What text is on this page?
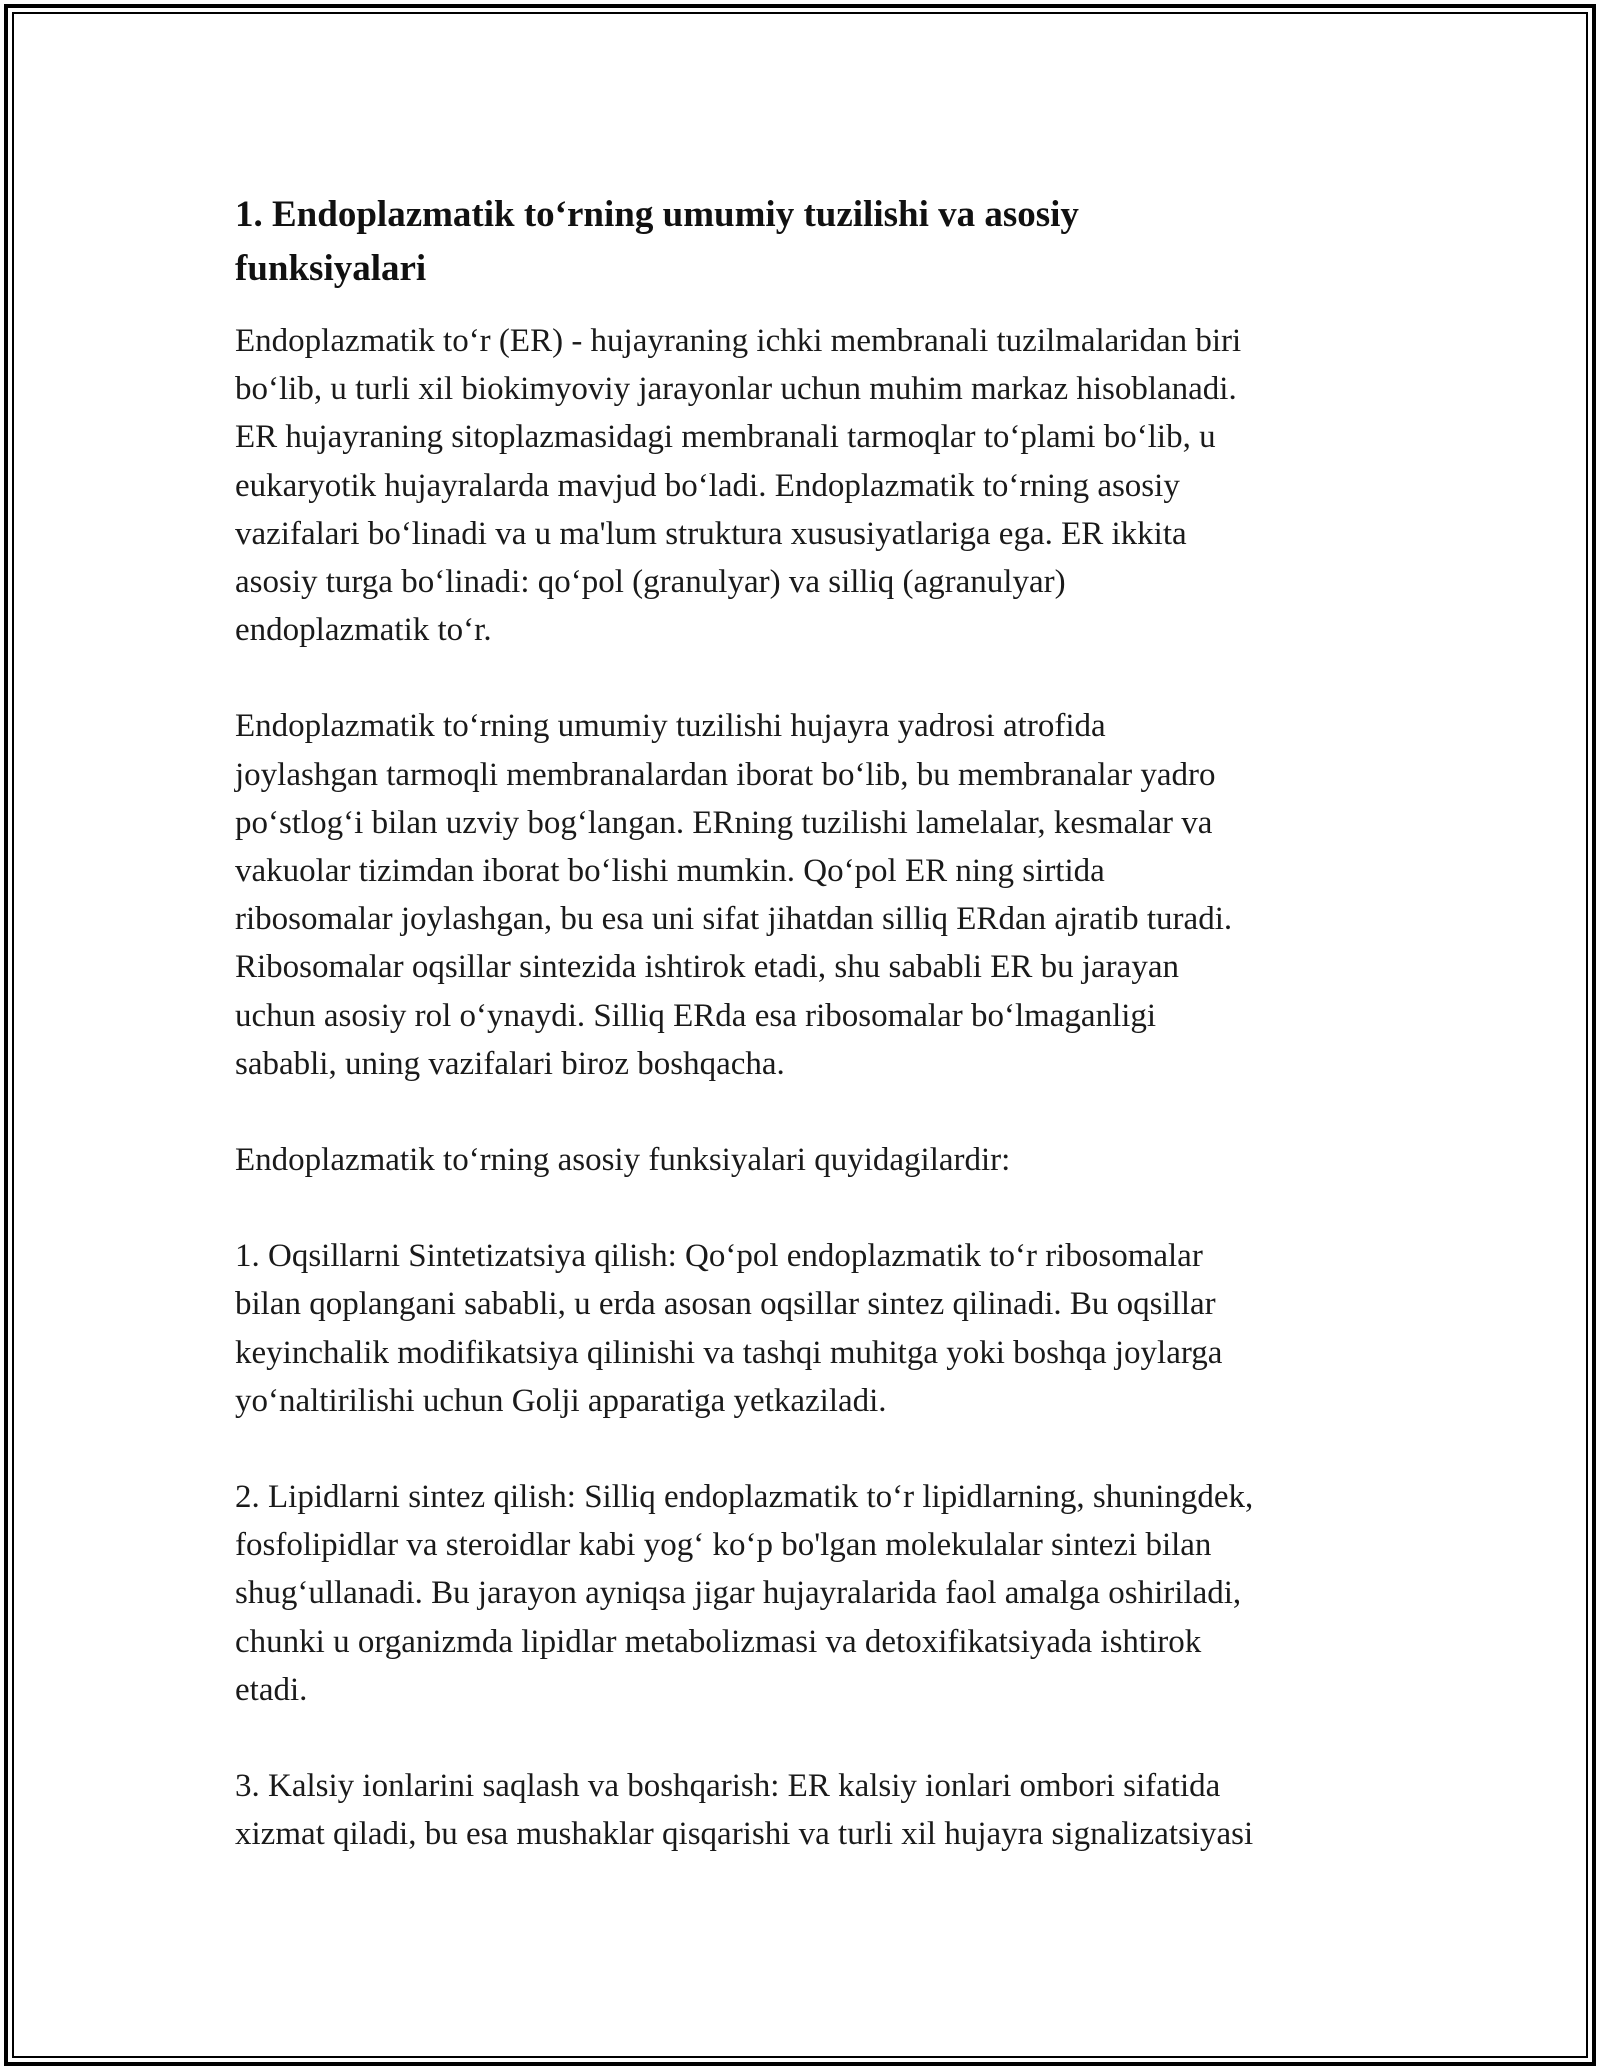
1. Endoplazmatik to‘rning umumiy tuzilishi va asosiy
funksiyalari

Endoplazmatik to‘r (ER) - hujayraning ichki membranali tuzilmalaridan biri
bo‘lib, u turli xil biokimyoviy jarayonlar uchun muhim markaz hisoblanadi.
ER hujayraning sitoplazmasidagi membranali tarmoqlar to‘plami bo‘lib, u
eukaryotik hujayralarda mavjud bo‘ladi. Endoplazmatik to‘rning asosiy
vazifalari bo‘linadi va u ma'lum struktura xususiyatlariga ega. ER ikkita
asosiy turga bo‘linadi: qo‘pol (granulyar) va silliq (agranulyar)
endoplazmatik to‘r.

Endoplazmatik to‘rning umumiy tuzilishi hujayra yadrosi atrofida
joylashgan tarmoqli membranalardan iborat bo‘lib, bu membranalar yadro
po‘stlog‘i bilan uzviy bog‘langan. ERning tuzilishi lamelalar, kesmalar va
vakuolar tizimdan iborat bo‘lishi mumkin. Qo‘pol ER ning sirtida
ribosomalar joylashgan, bu esa uni sifat jihatdan silliq ERdan ajratib turadi.
Ribosomalar oqsillar sintezida ishtirok etadi, shu sababli ER bu jarayan
uchun asosiy rol o‘ynaydi. Silliq ERda esa ribosomalar bo‘lmaganligi
sababli, uning vazifalari biroz boshqacha.

Endoplazmatik to‘rning asosiy funksiyalari quyidagilardir:

1. Oqsillarni Sintetizatsiya qilish: Qo‘pol endoplazmatik to‘r ribosomalar
bilan qoplangani sababli, u erda asosan oqsillar sintez qilinadi. Bu oqsillar
keyinchalik modifikatsiya qilinishi va tashqi muhitga yoki boshqa joylarga
yo‘naltirilishi uchun Golji apparatiga yetkaziladi.

2. Lipidlarni sintez qilish: Silliq endoplazmatik to‘r lipidlarning, shuningdek,
fosfolipidlar va steroidlar kabi yog‘ ko‘p bo'lgan molekulalar sintezi bilan
shug‘ullanadi. Bu jarayon ayniqsa jigar hujayralarida faol amalga oshiriladi,
chunki u organizmda lipidlar metabolizmasi va detoxifikatsiyada ishtirok
etadi.

3. Kalsiy ionlarini saqlash va boshqarish: ER kalsiy ionlari ombori sifatida
xizmat qiladi, bu esa mushaklar qisqarishi va turli xil hujayra signalizatsiyasi
